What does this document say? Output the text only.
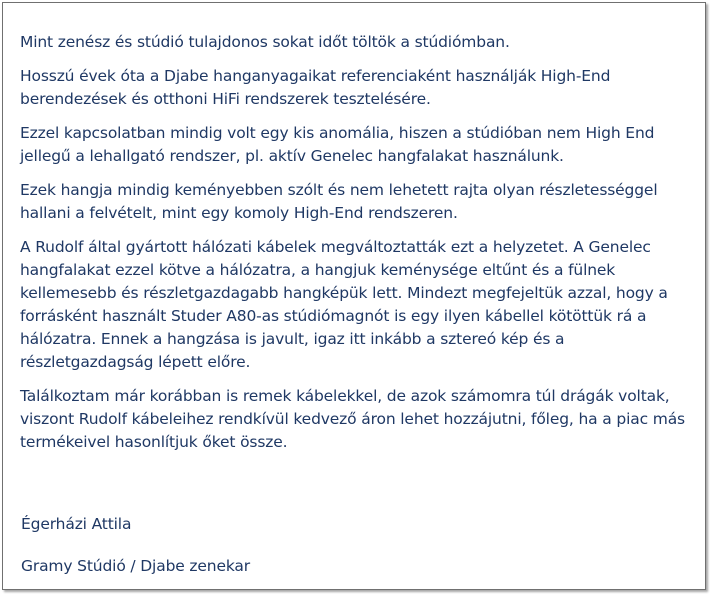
Mint zenész és stúdió tulajdonos sokat időt töltök a stúdiómban.

Hosszú évek óta a Djabe hanganyagaikat referenciaként használják High-End berendezések és otthoni HiFi rendszerek tesztelésére.

Ezzel kapcsolatban mindig volt egy kis anomália, hiszen a stúdióban nem High End jellegű a lehallgató rendszer, pl. aktív Genelec hangfalakat használunk.

Ezek hangja mindig keményebben szólt és nem lehetett rajta olyan részletességgel hallani a felvételt, mint egy komoly High-End rendszeren.

A Rudolf által gyártott hálózati kábelek megváltoztatták ezt a helyzetet. A Genelec hangfalakat ezzel kötve a hálózatra, a hangjuk keménysége eltűnt és a fülnek kellemesebb és részletgazdagabb hangképük lett. Mindezt megfejeltük azzal, hogy a forrásként használt Studer A80-as stúdiómagnót is egy ilyen kábellel kötöttük rá a hálózatra. Ennek a hangzása is javult, igaz itt inkább a sztereó kép és a részletgazdagság lépett előre.

Találkoztam már korábban is remek kábelekkel, de azok számomra túl drágák voltak, viszont Rudolf kábeleihez rendkívül kedvező áron lehet hozzájutni, főleg, ha a piac más termékeivel hasonlítjuk őket össze.

Égerházi Attila
Gramy Stúdió / Djabe zenekar
